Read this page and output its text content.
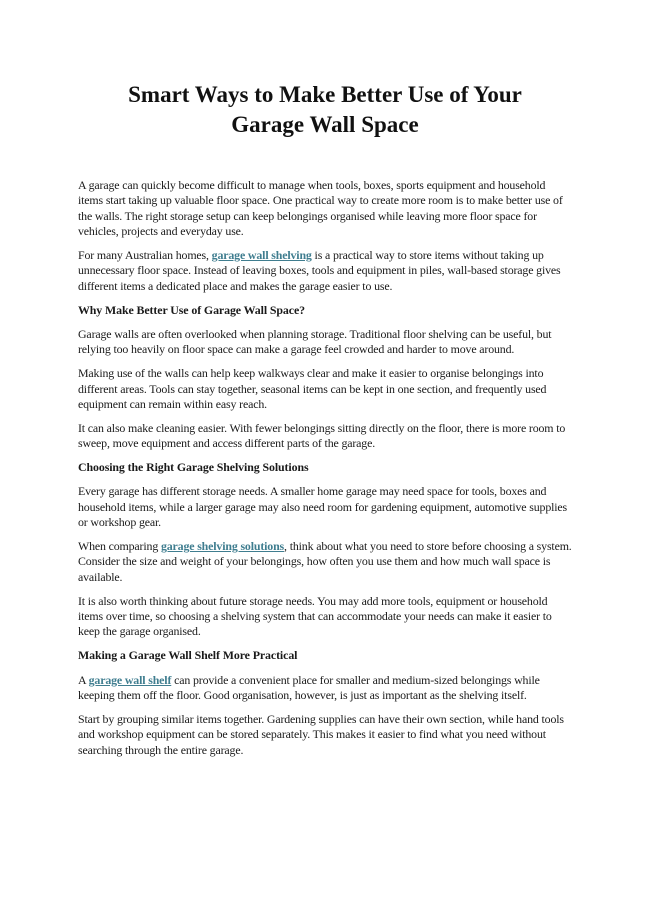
Smart Ways to Make Better Use of Your
Garage Wall Space

A garage can quickly become difficult to manage when tools, boxes, sports equipment and household items start taking up valuable floor space. One practical way to create more room is to make better use of the walls. The right storage setup can keep belongings organised while leaving more floor space for vehicles, projects and everyday use.

For many Australian homes, garage wall shelving is a practical way to store items without taking up unnecessary floor space. Instead of leaving boxes, tools and equipment in piles, wall-based storage gives different items a dedicated place and makes the garage easier to use.

Why Make Better Use of Garage Wall Space?

Garage walls are often overlooked when planning storage. Traditional floor shelving can be useful, but relying too heavily on floor space can make a garage feel crowded and harder to move around.

Making use of the walls can help keep walkways clear and make it easier to organise belongings into different areas. Tools can stay together, seasonal items can be kept in one section, and frequently used equipment can remain within easy reach.

It can also make cleaning easier. With fewer belongings sitting directly on the floor, there is more room to sweep, move equipment and access different parts of the garage.

Choosing the Right Garage Shelving Solutions

Every garage has different storage needs. A smaller home garage may need space for tools, boxes and household items, while a larger garage may also need room for gardening equipment, automotive supplies or workshop gear.

When comparing garage shelving solutions, think about what you need to store before choosing a system. Consider the size and weight of your belongings, how often you use them and how much wall space is available.

It is also worth thinking about future storage needs. You may add more tools, equipment or household items over time, so choosing a shelving system that can accommodate your needs can make it easier to keep the garage organised.

Making a Garage Wall Shelf More Practical

A garage wall shelf can provide a convenient place for smaller and medium-sized belongings while keeping them off the floor. Good organisation, however, is just as important as the shelving itself.

Start by grouping similar items together. Gardening supplies can have their own section, while hand tools and workshop equipment can be stored separately. This makes it easier to find what you need without searching through the entire garage.
